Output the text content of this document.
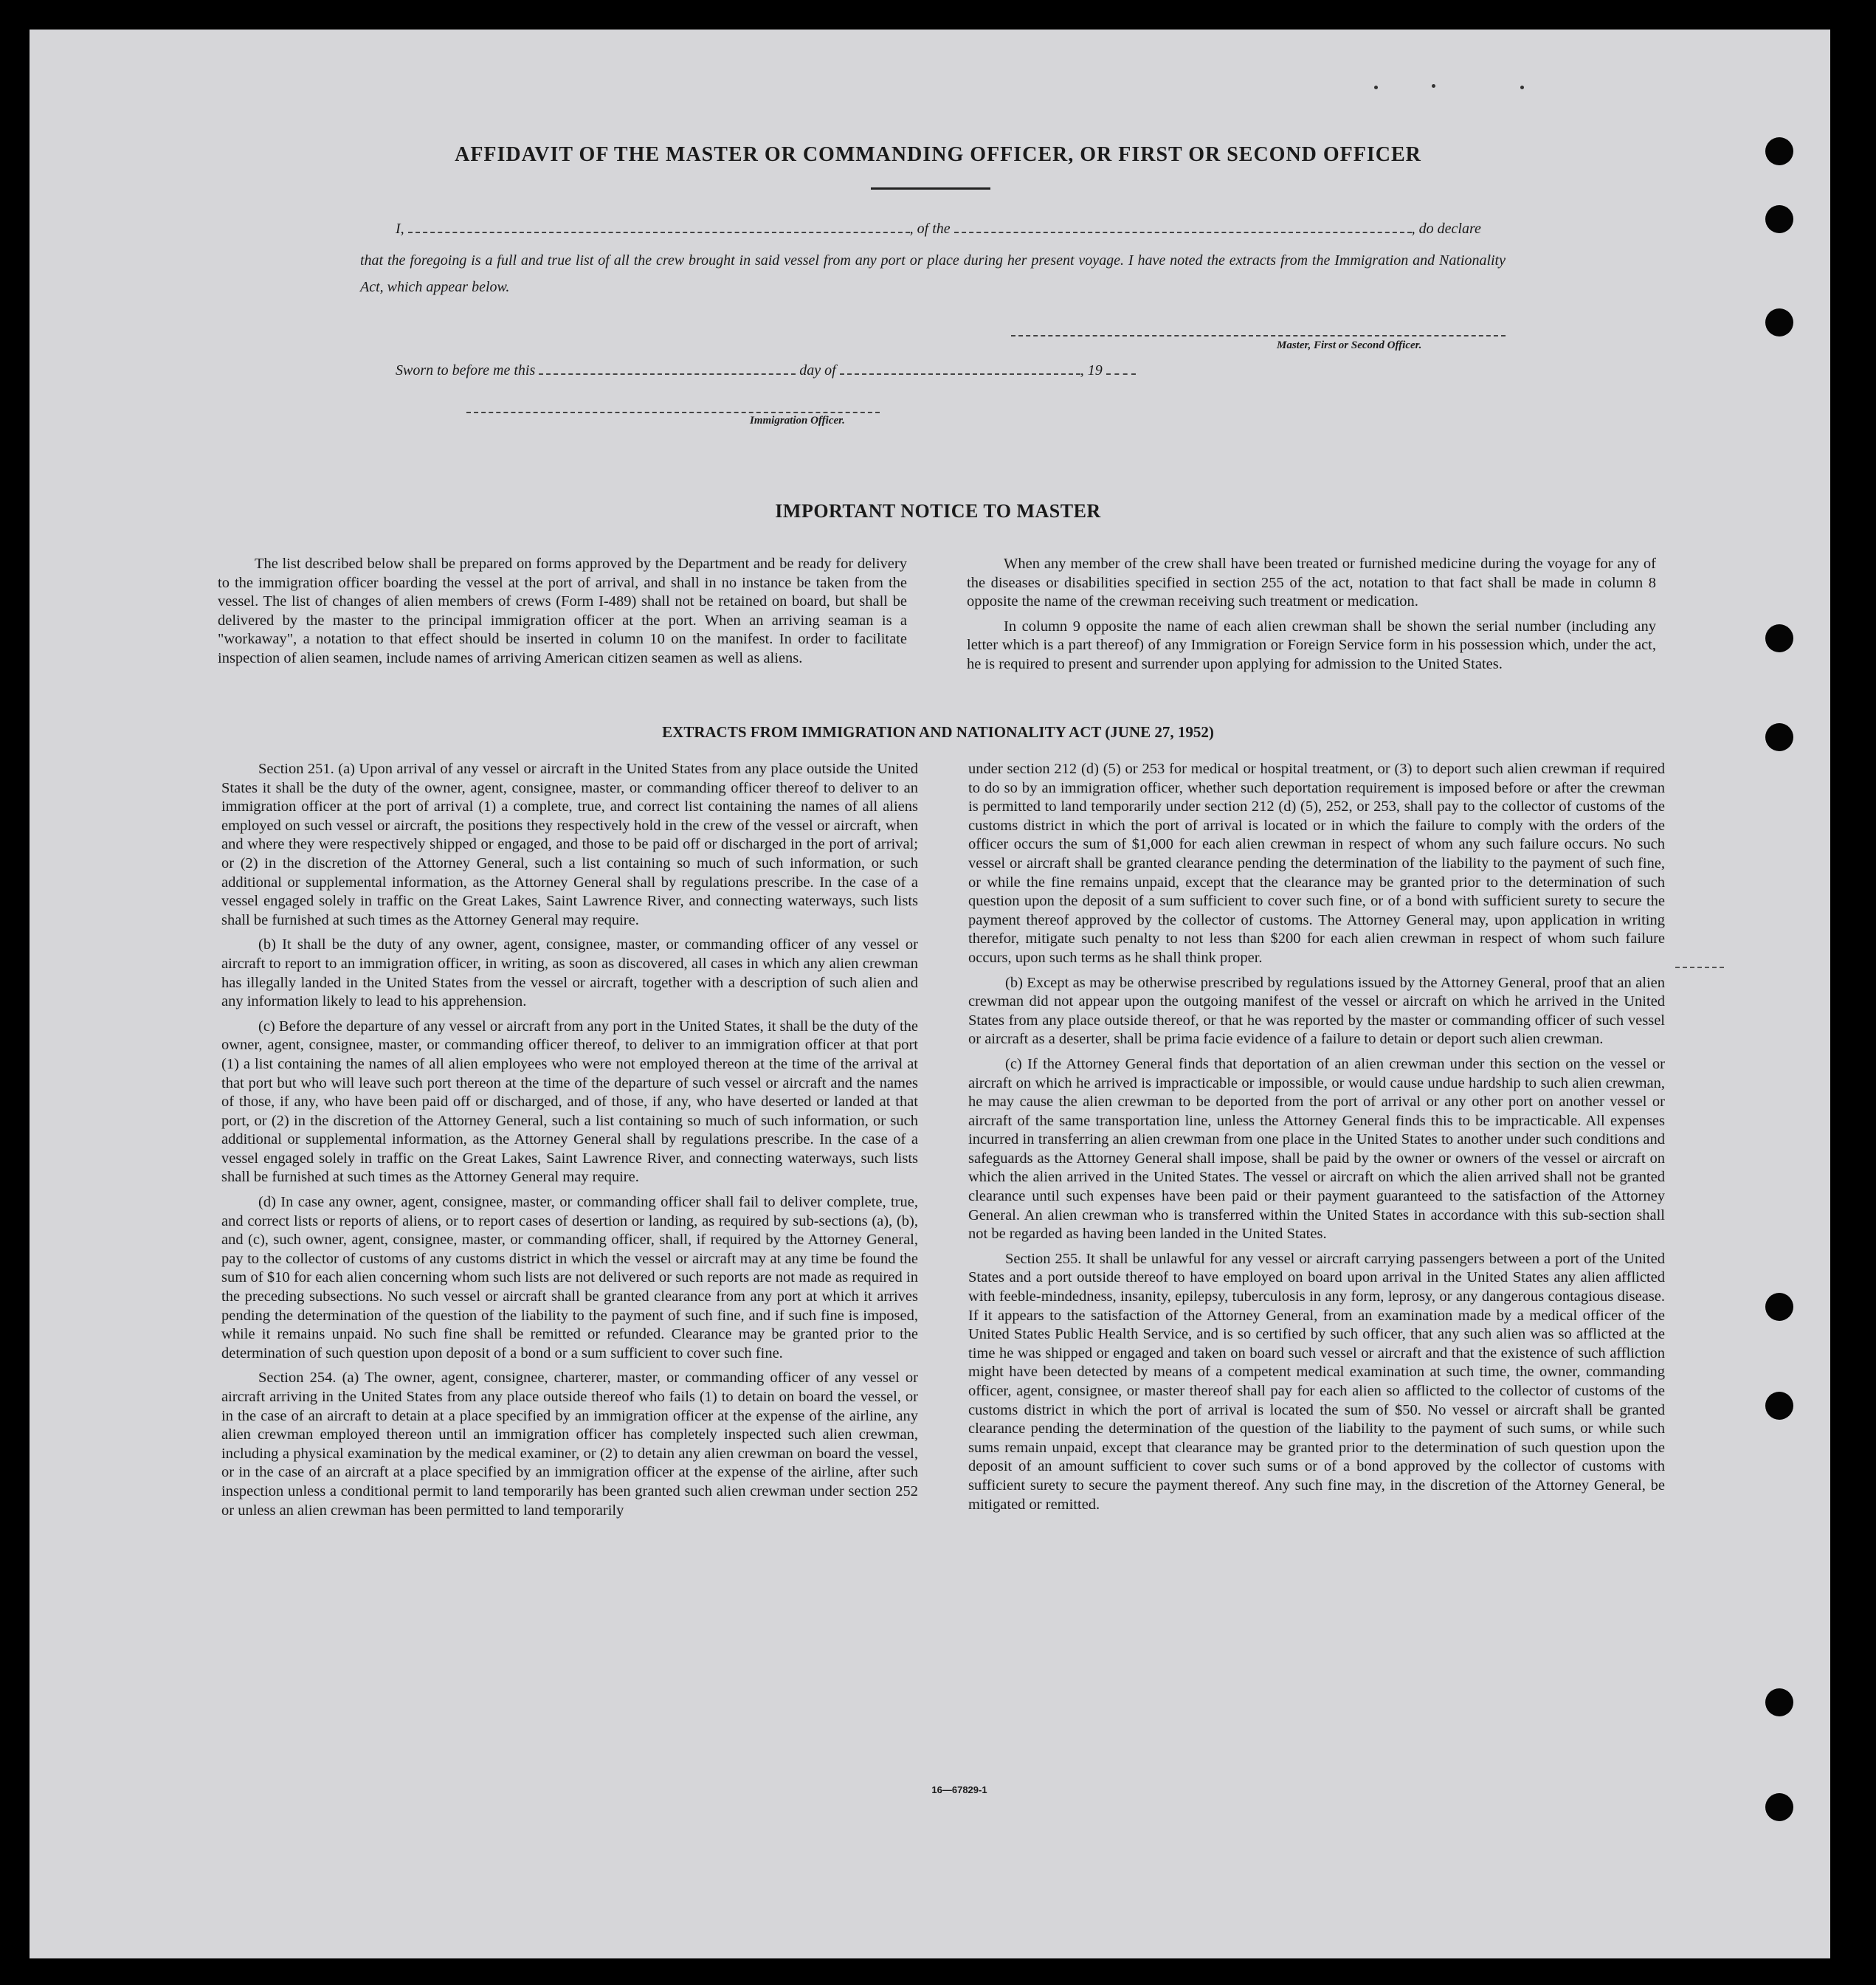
AFFIDAVIT OF THE MASTER OR COMMANDING OFFICER, OR FIRST OR SECOND OFFICER
I,	, of the	, do declare
that the foregoing is a full and true list of all the crew brought in said vessel from any port or place during her present voyage. I have noted the extracts from the Immigration and Nationality Act, which appear below.
Master, First or Second Officer.
Sworn to before me this	day of	, 19
Immigration Officer.
IMPORTANT NOTICE TO MASTER

The list described below shall be prepared on forms approved by the Department and be ready for delivery to the immigration officer boarding the vessel at the port of arrival, and shall in no instance be taken from the vessel. The list of changes of alien members of crews (Form I-489) shall not be retained on board, but shall be delivered by the master to the principal immigration officer at the port. When an arriving seaman is a "workaway", a notation to that effect should be inserted in column 10 on the manifest. In order to facilitate inspection of alien seamen, include names of arriving American citizen seamen as well as aliens.

When any member of the crew shall have been treated or furnished medicine during the voyage for any of the diseases or disabilities specified in section 255 of the act, notation to that fact shall be made in column 8 opposite the name of the crewman receiving such treatment or medication.

In column 9 opposite the name of each alien crewman shall be shown the serial number (including any letter which is a part thereof) of any Immigration or Foreign Service form in his possession which, under the act, he is required to present and surrender upon applying for admission to the United States.

EXTRACTS FROM IMMIGRATION AND NATIONALITY ACT (JUNE 27, 1952)

Section 251. (a) Upon arrival of any vessel or aircraft in the United States from any place outside the United States it shall be the duty of the owner, agent, consignee, master, or commanding officer thereof to deliver to an immigration officer at the port of arrival (1) a complete, true, and correct list containing the names of all aliens employed on such vessel or aircraft, the positions they respectively hold in the crew of the vessel or aircraft, when and where they were respectively shipped or engaged, and those to be paid off or discharged in the port of arrival; or (2) in the discretion of the Attorney General, such a list containing so much of such information, or such additional or supplemental information, as the Attorney General shall by regulations prescribe. In the case of a vessel engaged solely in traffic on the Great Lakes, Saint Lawrence River, and connecting waterways, such lists shall be furnished at such times as the Attorney General may require.

(b) It shall be the duty of any owner, agent, consignee, master, or commanding officer of any vessel or aircraft to report to an immigration officer, in writing, as soon as discovered, all cases in which any alien crewman has illegally landed in the United States from the vessel or aircraft, together with a description of such alien and any information likely to lead to his apprehension.

(c) Before the departure of any vessel or aircraft from any port in the United States, it shall be the duty of the owner, agent, consignee, master, or commanding officer thereof, to deliver to an immigration officer at that port (1) a list containing the names of all alien employees who were not employed thereon at the time of the arrival at that port but who will leave such port thereon at the time of the departure of such vessel or aircraft and the names of those, if any, who have been paid off or discharged, and of those, if any, who have deserted or landed at that port, or (2) in the discretion of the Attorney General, such a list containing so much of such information, or such additional or supplemental information, as the Attorney General shall by regulations prescribe. In the case of a vessel engaged solely in traffic on the Great Lakes, Saint Lawrence River, and connecting waterways, such lists shall be furnished at such times as the Attorney General may require.

(d) In case any owner, agent, consignee, master, or commanding officer shall fail to deliver complete, true, and correct lists or reports of aliens, or to report cases of desertion or landing, as required by sub-sections (a), (b), and (c), such owner, agent, consignee, master, or commanding officer, shall, if required by the Attorney General, pay to the collector of customs of any customs district in which the vessel or aircraft may at any time be found the sum of $10 for each alien concerning whom such lists are not delivered or such reports are not made as required in the preceding subsections. No such vessel or aircraft shall be granted clearance from any port at which it arrives pending the determination of the question of the liability to the payment of such fine, and if such fine is imposed, while it remains unpaid. No such fine shall be remitted or refunded. Clearance may be granted prior to the determination of such question upon deposit of a bond or a sum sufficient to cover such fine.

Section 254. (a) The owner, agent, consignee, charterer, master, or commanding officer of any vessel or aircraft arriving in the United States from any place outside thereof who fails (1) to detain on board the vessel, or in the case of an aircraft to detain at a place specified by an immigration officer at the expense of the airline, any alien crewman employed thereon until an immigration officer has completely inspected such alien crewman, including a physical examination by the medical examiner, or (2) to detain any alien crewman on board the vessel, or in the case of an aircraft at a place specified by an immigration officer at the expense of the airline, after such inspection unless a conditional permit to land temporarily has been granted such alien crewman under section 252 or unless an alien crewman has been permitted to land temporarily

under section 212 (d) (5) or 253 for medical or hospital treatment, or (3) to deport such alien crewman if required to do so by an immigration officer, whether such deportation requirement is imposed before or after the crewman is permitted to land temporarily under section 212 (d) (5), 252, or 253, shall pay to the collector of customs of the customs district in which the port of arrival is located or in which the failure to comply with the orders of the officer occurs the sum of $1,000 for each alien crewman in respect of whom any such failure occurs. No such vessel or aircraft shall be granted clearance pending the determination of the liability to the payment of such fine, or while the fine remains unpaid, except that the clearance may be granted prior to the determination of such question upon the deposit of a sum sufficient to cover such fine, or of a bond with sufficient surety to secure the payment thereof approved by the collector of customs. The Attorney General may, upon application in writing therefor, mitigate such penalty to not less than $200 for each alien crewman in respect of whom such failure occurs, upon such terms as he shall think proper.

(b) Except as may be otherwise prescribed by regulations issued by the Attorney General, proof that an alien crewman did not appear upon the outgoing manifest of the vessel or aircraft on which he arrived in the United States from any place outside thereof, or that he was reported by the master or commanding officer of such vessel or aircraft as a deserter, shall be prima facie evidence of a failure to detain or deport such alien crewman.

(c) If the Attorney General finds that deportation of an alien crewman under this section on the vessel or aircraft on which he arrived is impracticable or impossible, or would cause undue hardship to such alien crewman, he may cause the alien crewman to be deported from the port of arrival or any other port on another vessel or aircraft of the same transportation line, unless the Attorney General finds this to be impracticable. All expenses incurred in transferring an alien crewman from one place in the United States to another under such conditions and safeguards as the Attorney General shall impose, shall be paid by the owner or owners of the vessel or aircraft on which the alien arrived in the United States. The vessel or aircraft on which the alien arrived shall not be granted clearance until such expenses have been paid or their payment guaranteed to the satisfaction of the Attorney General. An alien crewman who is transferred within the United States in accordance with this sub-section shall not be regarded as having been landed in the United States.

Section 255. It shall be unlawful for any vessel or aircraft carrying passengers between a port of the United States and a port outside thereof to have employed on board upon arrival in the United States any alien afflicted with feeble-mindedness, insanity, epilepsy, tuberculosis in any form, leprosy, or any dangerous contagious disease. If it appears to the satisfaction of the Attorney General, from an examination made by a medical officer of the United States Public Health Service, and is so certified by such officer, that any such alien was so afflicted at the time he was shipped or engaged and taken on board such vessel or aircraft and that the existence of such affliction might have been detected by means of a competent medical examination at such time, the owner, commanding officer, agent, consignee, or master thereof shall pay for each alien so afflicted to the collector of customs of the customs district in which the port of arrival is located the sum of $50. No vessel or aircraft shall be granted clearance pending the determination of the question of the liability to the payment of such sums, or while such sums remain unpaid, except that clearance may be granted prior to the determination of such question upon the deposit of an amount sufficient to cover such sums or of a bond approved by the collector of customs with sufficient surety to secure the payment thereof. Any such fine may, in the discretion of the Attorney General, be mitigated or remitted.

16—67829-1
